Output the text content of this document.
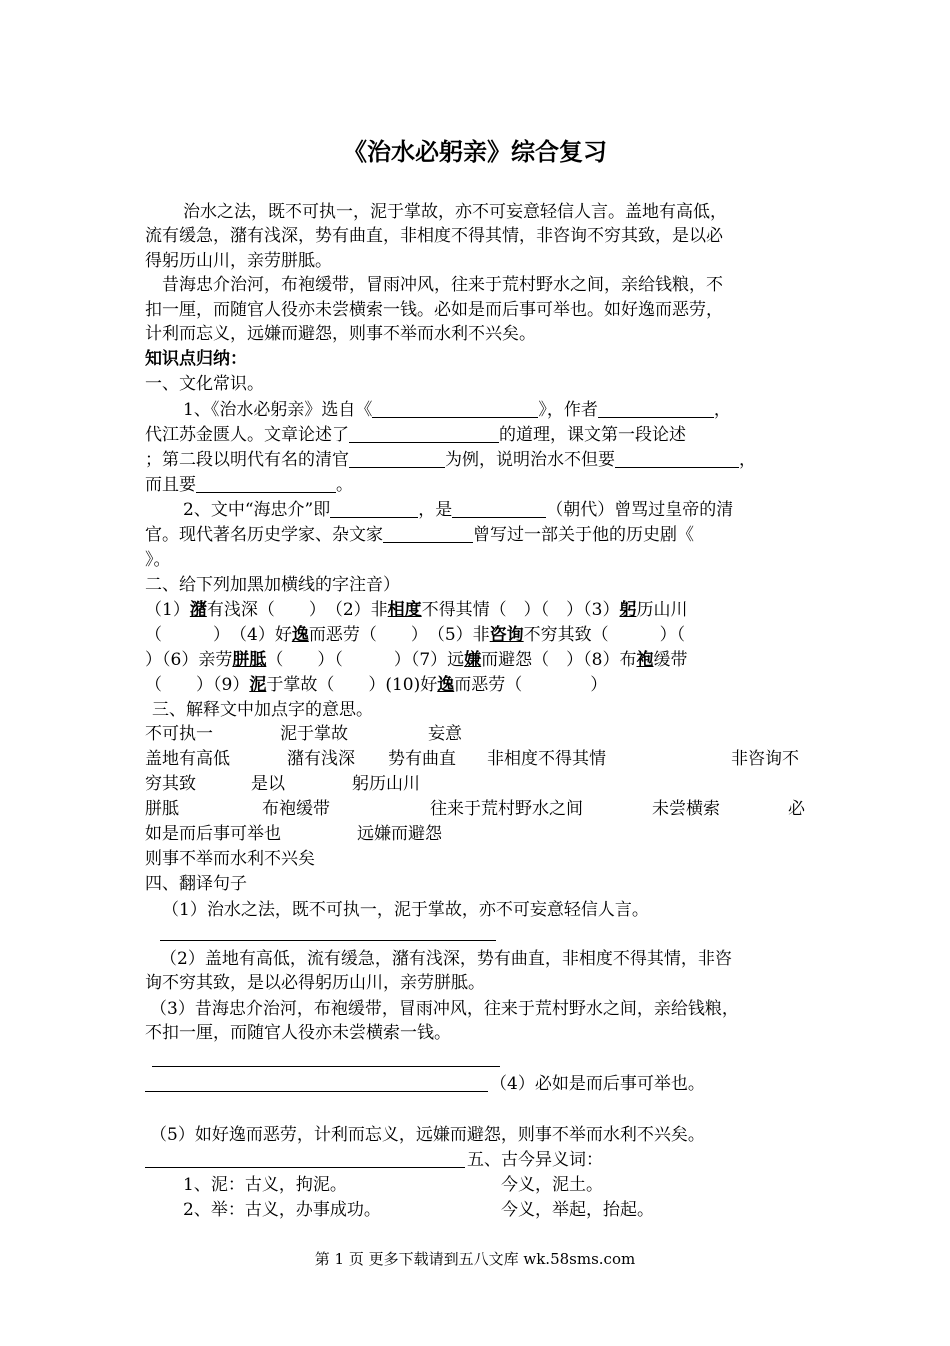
《治水必躬亲》综合复习
治水之法，既不可执一，泥于掌故，亦不可妄意轻信人言。盖地有高低，
流有缓急，潴有浅深，势有曲直，非相度不得其情，非咨询不穷其致，是以必
得躬历山川，亲劳胼胝。
昔海忠介治河，布袍缓带，冒雨冲风，往来于荒村野水之间，亲给钱粮，不
扣一厘，而随官人役亦未尝横索一钱。必如是而后事可举也。如好逸而恶劳，
计利而忘义，远嫌而避怨，则事不举而水利不兴矣。
知识点归纳：
一、文化常识。
1、《治水必躬亲》选自《	》，作者	，
代江苏金匮人。文章论述了	的道理，课文第一段论述
；第二段以明代有名的清官	为例，说明治水不但要	，
而且要	。
2、文中“海忠介”即	，是	（朝代）曾骂过皇帝的清
官。现代著名历史学家、杂文家	曾写过一部关于他的历史剧《
》。
二、给下列加黑加横线的字注音）
（1）潴有浅深（　　）　（2）非相度不得其情（　）（　）（3）躬历山川
（　　　）　（4）好逸而恶劳（　　）　（5）非咨询不穷其致（　　　）（
）（6）亲劳胼胝（　　）（　　　）（7）远嫌而避怨（　）（8）布袍缓带
（　　）（9）泥于掌故（　　）(10)好逸而恶劳（　　　　）
三、解释文中加点字的意思。
不可执一	泥于掌故	妄意
盖地有高低	潴有浅深 势有曲直 非相度不得其情	非咨询不
穷其致	是以	躬历山川
胼胝	布袍缓带	往来于荒村野水之间	未尝横索	必
如是而后事可举也	远嫌而避怨
则事不举而水利不兴矣
四、翻译句子
（1）治水之法，既不可执一，泥于掌故，亦不可妄意轻信人言。
（2）盖地有高低，流有缓急，潴有浅深，势有曲直，非相度不得其情，非咨
询不穷其致，是以必得躬历山川，亲劳胼胝。
（3）昔海忠介治河，布袍缓带，冒雨冲风，往来于荒村野水之间，亲给钱粮，
不扣一厘，而随官人役亦未尝横索一钱。
（4）必如是而后事可举也。
（5）如好逸而恶劳，计利而忘义，远嫌而避怨，则事不举而水利不兴矣。
五、古今异义词：
1、泥：古义，拘泥。	今义，泥土。
2、举：古义，办事成功。	今义，举起，抬起。
第 1 页 更多下载请到五八文库 wk.58sms.com
